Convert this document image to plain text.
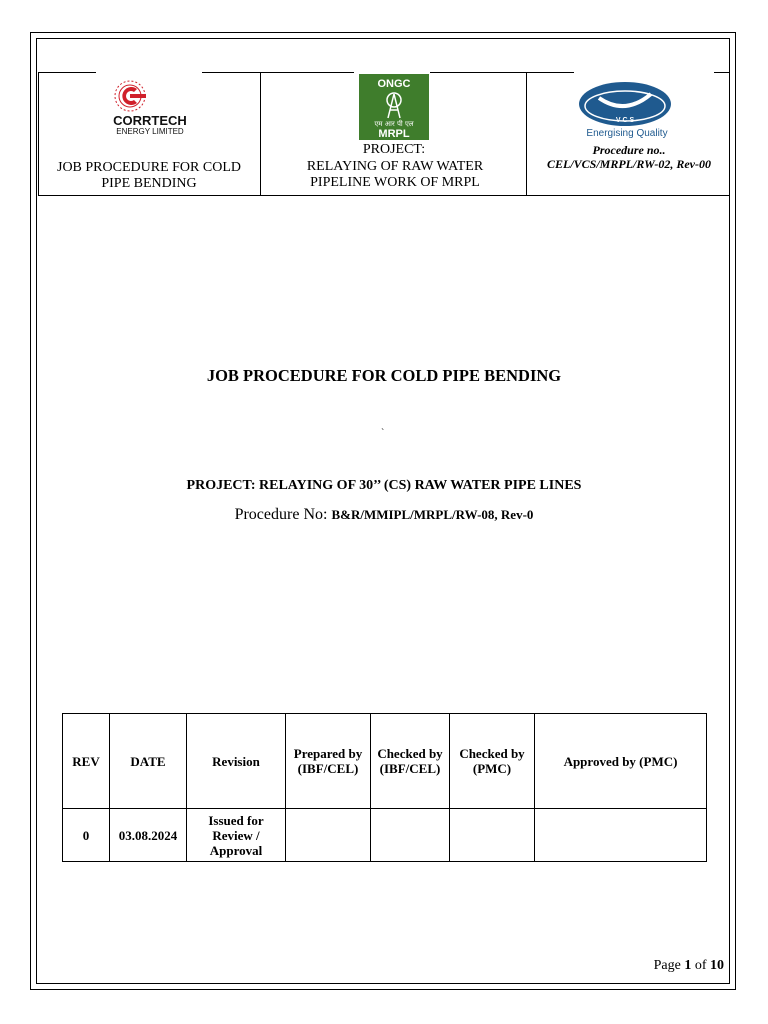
CORRTECH
ENERGY LIMITED
JOB PROCEDURE FOR COLD PIPE BENDING
ONGC
एम आर पी एल
MRPL
PROJECT:
RELAYING OF RAW WATER PIPELINE WORK OF MRPL
V C S
Energising Quality
Procedure no..
CEL/VCS/MRPL/RW-02, Rev-00
JOB PROCEDURE FOR COLD PIPE BENDING
`
PROJECT: RELAYING OF 30’’ (CS) RAW WATER PIPE LINES
Procedure No: B&R/MMIPL/MRPL/RW-08, Rev-0
REV	DATE	Revision	Prepared by (IBF/CEL)	Checked by (IBF/CEL)	Checked by (PMC)	Approved by (PMC)
0	03.08.2024	Issued for Review / Approval				
Page 1 of 10
